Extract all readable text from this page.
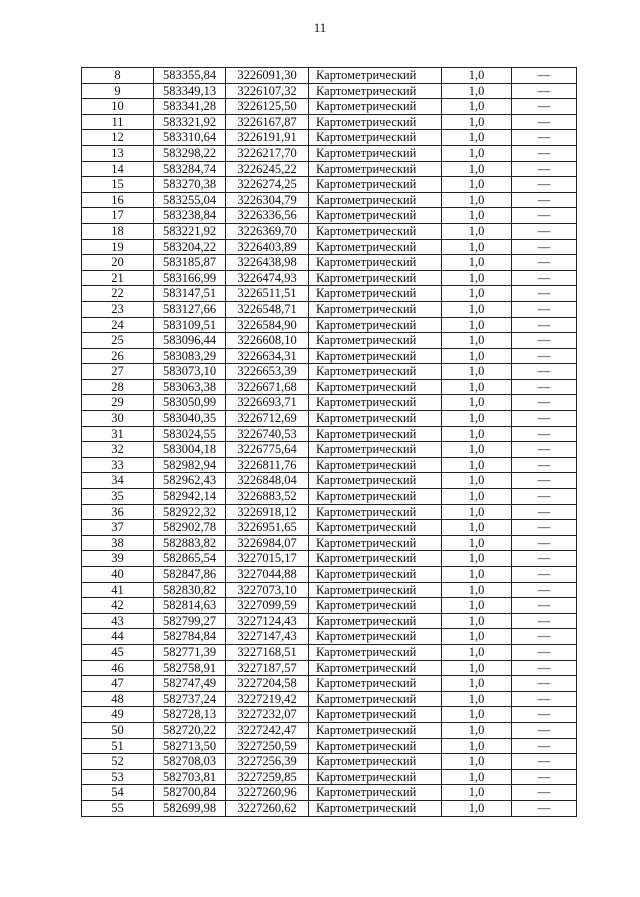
11
8	583355,84	3226091,30	Картометрический	1,0	—
9	583349,13	3226107,32	Картометрический	1,0	—
10	583341,28	3226125,50	Картометрический	1,0	—
11	583321,92	3226167,87	Картометрический	1,0	—
12	583310,64	3226191,91	Картометрический	1,0	—
13	583298,22	3226217,70	Картометрический	1,0	—
14	583284,74	3226245,22	Картометрический	1,0	—
15	583270,38	3226274,25	Картометрический	1,0	—
16	583255,04	3226304,79	Картометрический	1,0	—
17	583238,84	3226336,56	Картометрический	1,0	—
18	583221,92	3226369,70	Картометрический	1,0	—
19	583204,22	3226403,89	Картометрический	1,0	—
20	583185,87	3226438,98	Картометрический	1,0	—
21	583166,99	3226474,93	Картометрический	1,0	—
22	583147,51	3226511,51	Картометрический	1,0	—
23	583127,66	3226548,71	Картометрический	1,0	—
24	583109,51	3226584,90	Картометрический	1,0	—
25	583096,44	3226608,10	Картометрический	1,0	—
26	583083,29	3226634,31	Картометрический	1,0	—
27	583073,10	3226653,39	Картометрический	1,0	—
28	583063,38	3226671,68	Картометрический	1,0	—
29	583050,99	3226693,71	Картометрический	1,0	—
30	583040,35	3226712,69	Картометрический	1,0	—
31	583024,55	3226740,53	Картометрический	1,0	—
32	583004,18	3226775,64	Картометрический	1,0	—
33	582982,94	3226811,76	Картометрический	1,0	—
34	582962,43	3226848,04	Картометрический	1,0	—
35	582942,14	3226883,52	Картометрический	1,0	—
36	582922,32	3226918,12	Картометрический	1,0	—
37	582902,78	3226951,65	Картометрический	1,0	—
38	582883,82	3226984,07	Картометрический	1,0	—
39	582865,54	3227015,17	Картометрический	1,0	—
40	582847,86	3227044,88	Картометрический	1,0	—
41	582830,82	3227073,10	Картометрический	1,0	—
42	582814,63	3227099,59	Картометрический	1,0	—
43	582799,27	3227124,43	Картометрический	1,0	—
44	582784,84	3227147,43	Картометрический	1,0	—
45	582771,39	3227168,51	Картометрический	1,0	—
46	582758,91	3227187,57	Картометрический	1,0	—
47	582747,49	3227204,58	Картометрический	1,0	—
48	582737,24	3227219,42	Картометрический	1,0	—
49	582728,13	3227232,07	Картометрический	1,0	—
50	582720,22	3227242,47	Картометрический	1,0	—
51	582713,50	3227250,59	Картометрический	1,0	—
52	582708,03	3227256,39	Картометрический	1,0	—
53	582703,81	3227259,85	Картометрический	1,0	—
54	582700,84	3227260,96	Картометрический	1,0	—
55	582699,98	3227260,62	Картометрический	1,0	—
